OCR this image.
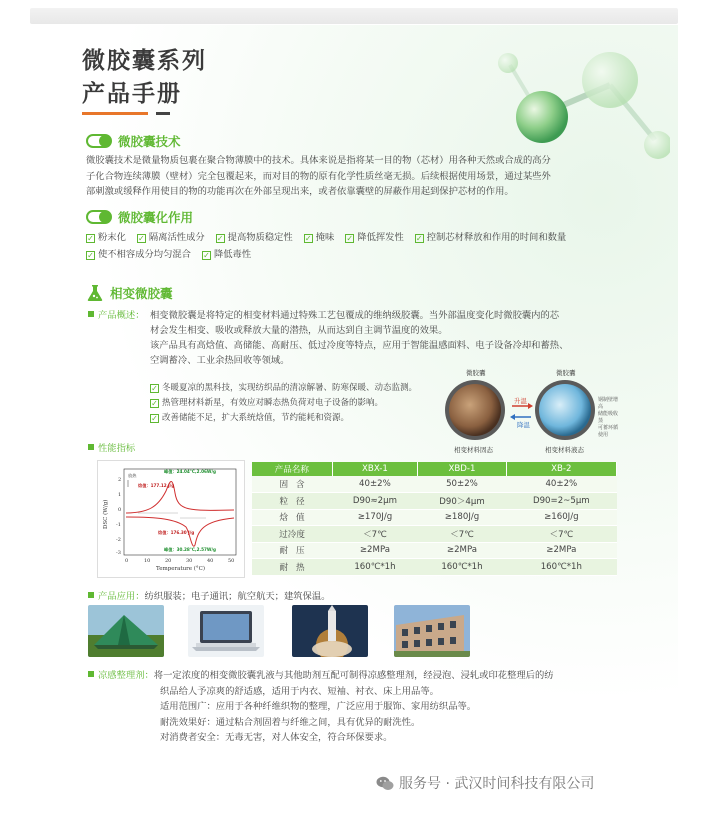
微胶囊系列
产品手册
微胶囊技术
微胶囊技术是微量物质包裹在聚合物薄膜中的技术。具体来说是指将某一目的物（芯材）用各种天然或合成的高分
子化合物连续薄膜（壁材）完全包覆起来，而对目的物的原有化学性质丝毫无损。后续根据使用场景，通过某些外
部刺激或缓释作用使目的物的功能再次在外部呈现出来，或者依靠囊壁的屏蔽作用起到保护芯材的作用。
微胶囊化作用
✓ 粉末化 ✓ 隔离活性成分 ✓ 提高物质稳定性 ✓ 掩味 ✓ 降低挥发性 ✓ 控制芯材释放和作用的时间和数量
✓ 使不相容成分均匀混合 ✓ 降低毒性
相变微胶囊
产品概述： 相变微胶囊是将特定的相变材料通过特殊工艺包覆成的维纳级胶囊。当外部温度变化时微胶囊内的芯
材会发生相变、吸收或释放大量的潜热，从而达到自主调节温度的效果。
该产品具有高焓值、高储能、高耐压、低过冷度等特点，应用于智能温感面料、电子设备冷却和蓄热、
空调蓄冷、工业余热回收等领域。
✓ 冬暖夏凉的黑科技，实现纺织品的清凉解暑、防寒保暖、动态监测。
✓ 热管理材料新星，有效应对瞬态热负荷对电子设备的影响。
✓ 改善储能不足，扩大系统焓值，节约能耗和资源。
微胶囊	微胶囊
升温
降温
相变材料固态	相变材料液态
钢制壁增高
储能吸收蒸
可蓄环循使用
性能指标
0	10	20	30	40	50
2
1
0
-1
-2
-3
Temperature (°C)
DSC (W/g)
峰值：24.04°C,2.06W/g
焓值：177.12 J/g
焓值：176.30 J/g
峰值：30.28°C,2.57W/g
放热
产品名称	XBX-1	XBD-1	XB-2
固含	40±2%	50±2%	40±2%
粒径	D90≈2μm	D90＞4μm	D90=2~5μm
焓值	≥170J/g	≥180J/g	≥160J/g
过冷度	＜7℃	＜7℃	＜7℃
耐压	≥2MPa	≥2MPa	≥2MPa
耐热	160℃*1h	160℃*1h	160℃*1h
产品应用：纺织服装；电子通讯；航空航天；建筑保温。
凉感整理剂：将一定浓度的相变微胶囊乳液与其他助剂互配可制得凉感整理剂，经浸泡、浸轧或印花整理后的纺
织品给人予凉爽的舒适感，适用于内衣、短袖、衬衣、床上用品等。
适用范围广：应用于各种纤维织物的整理，广泛应用于服饰、家用纺织品等。
耐洗效果好：通过粘合剂固着与纤维之间，具有优异的耐洗性。
对消费者安全：无毒无害，对人体安全，符合环保要求。
服务号 · 武汉时间科技有限公司
